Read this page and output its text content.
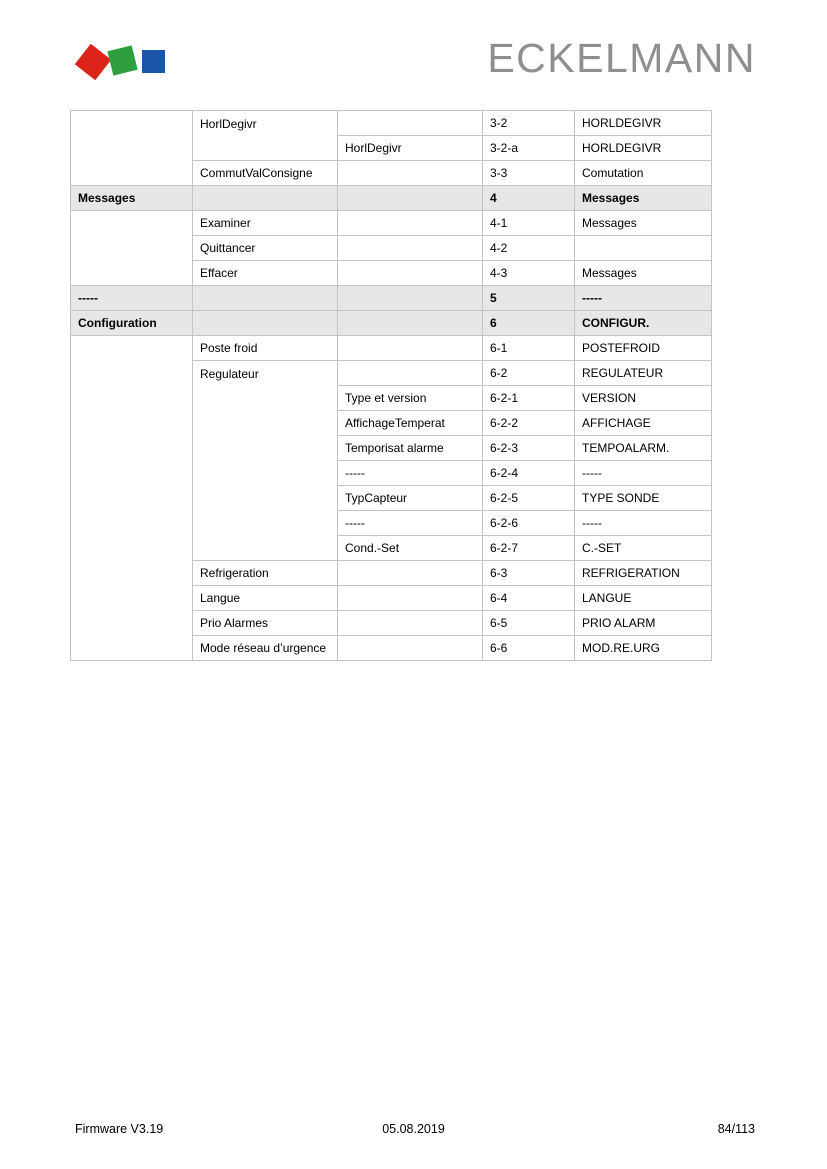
ECKELMANN
	HorlDegivr		3-2	HORLDEGIVR
		HorlDegivr	3-2-a	HORLDEGIVR
	CommutValConsigne		3-3	Comutation
Messages			4	Messages
	Examiner		4-1	Messages
	Quittancer		4-2	
	Effacer		4-3	Messages
-----			5	-----
Configuration			6	CONFIGUR.
	Poste froid		6-1	POSTEFROID
	Regulateur		6-2	REGULATEUR
		Type et version	6-2-1	VERSION
		AffichageTemperat	6-2-2	AFFICHAGE
		Temporisat alarme	6-2-3	TEMPOALARM.
		-----	6-2-4	-----
		TypCapteur	6-2-5	TYPE SONDE
		-----	6-2-6	-----
		Cond.-Set	6-2-7	C.-SET
	Refrigeration		6-3	REFRIGERATION
	Langue		6-4	LANGUE
	Prio Alarmes		6-5	PRIO ALARM
	Mode réseau d’urgence		6-6	MOD.RE.URG
Firmware V3.19	05.08.2019	84/113
